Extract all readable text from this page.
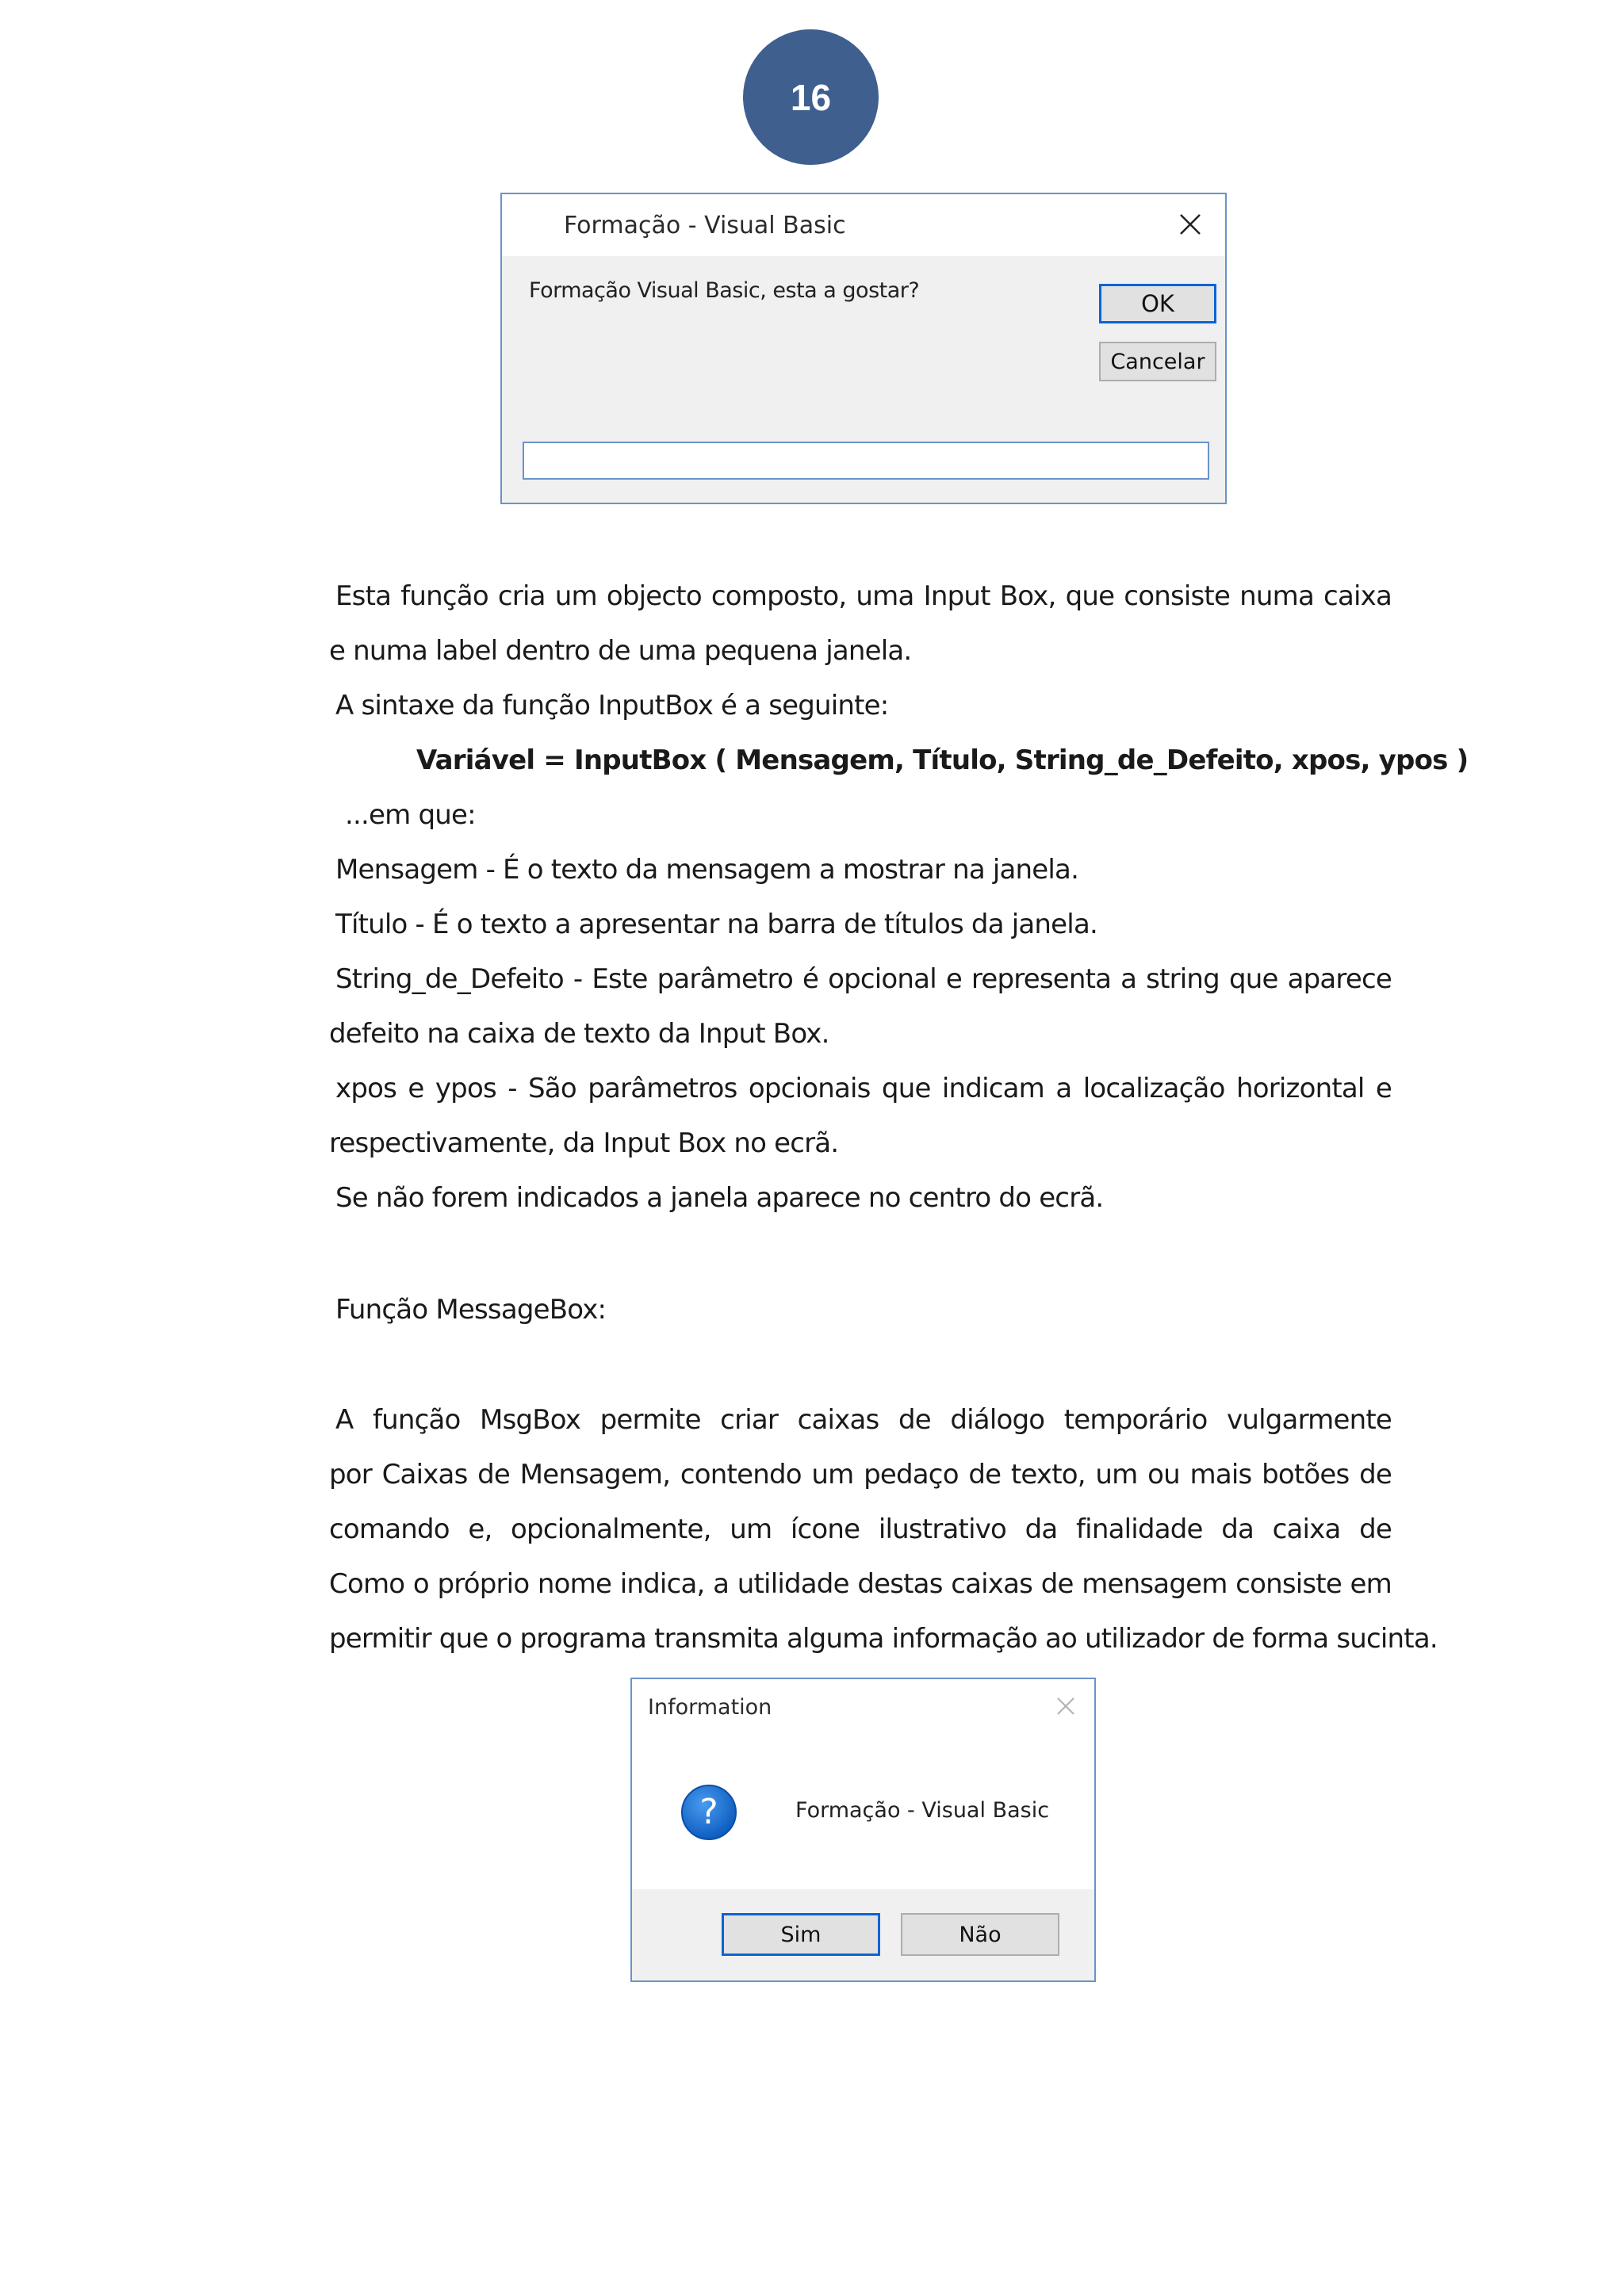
16
Formação - Visual Basic
Formação Visual Basic, esta a gostar?	OK
Cancelar
Esta função cria um objecto composto, uma Input Box, que consiste numa caixa
e numa label dentro de uma pequena janela.
A sintaxe da função InputBox é a seguinte:
Variável = InputBox ( Mensagem, Título, String_de_Defeito, xpos, ypos )
...em que:
Mensagem - É o texto da mensagem a mostrar na janela.
Título - É o texto a apresentar na barra de títulos da janela.
String_de_Defeito - Este parâmetro é opcional e representa a string que aparece
defeito na caixa de texto da Input Box.
xpos e ypos - São parâmetros opcionais que indicam a localização horizontal e
respectivamente, da Input Box no ecrã.
Se não forem indicados a janela aparece no centro do ecrã.
Função MessageBox:
A função MsgBox permite criar caixas de diálogo temporário vulgarmente
por Caixas de Mensagem, contendo um pedaço de texto, um ou mais botões de
comando e, opcionalmente, um ícone ilustrativo da finalidade da caixa de
Como o próprio nome indica, a utilidade destas caixas de mensagem consiste em
permitir que o programa transmita alguma informação ao utilizador de forma sucinta.
Information
?	Formação - Visual Basic
Sim	Não
